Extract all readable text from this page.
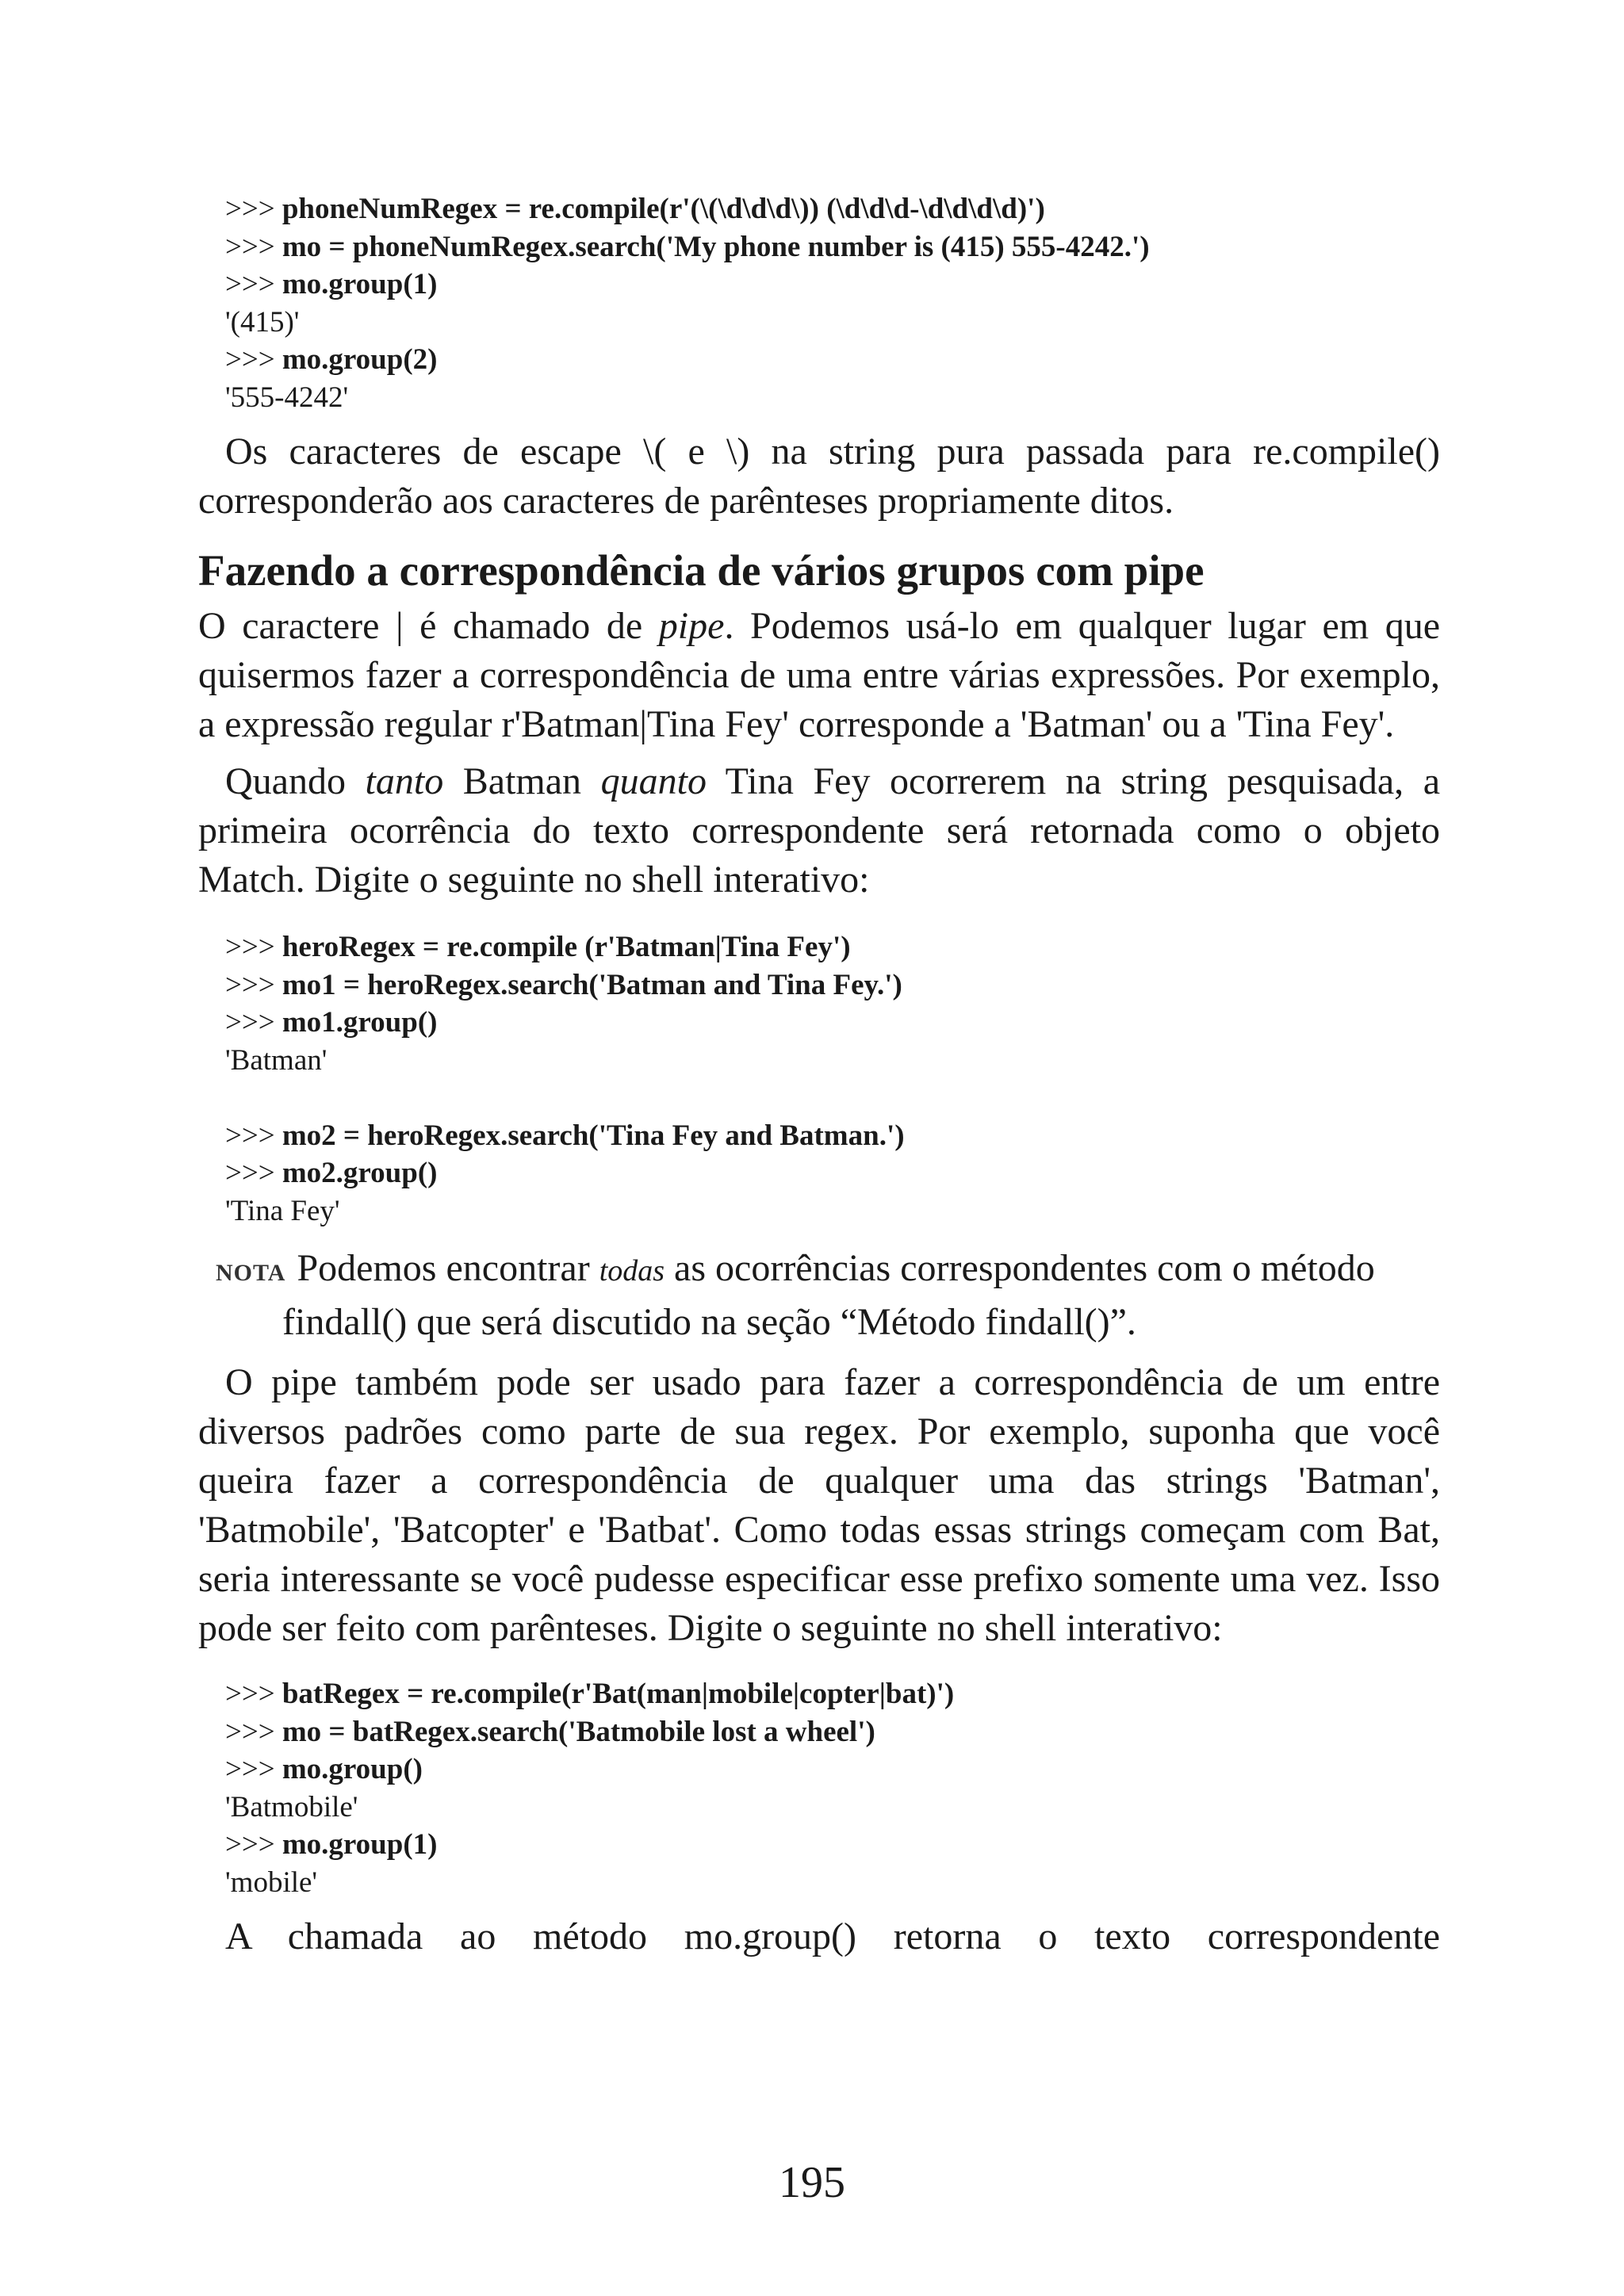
>>> phoneNumRegex = re.compile(r'(\(\d\d\d\)) (\d\d\d-\d\d\d\d)')
>>> mo = phoneNumRegex.search('My phone number is (415) 555-4242.')
>>> mo.group(1)
'(415)'
>>> mo.group(2)
'555-4242'

Os caracteres de escape \( e \) na string pura passada para re.compile() corresponderão aos caracteres de parênteses propriamente ditos.

Fazendo a correspondência de vários grupos com pipe

O caractere | é chamado de pipe. Podemos usá-lo em qualquer lugar em que quisermos fazer a correspondência de uma entre várias expressões. Por exemplo, a expressão regular r'Batman|Tina Fey' corresponde a 'Batman' ou a 'Tina Fey'.

Quando tanto Batman quanto Tina Fey ocorrerem na string pesquisada, a primeira ocorrência do texto correspondente será retornada como o objeto Match. Digite o seguinte no shell interativo:

>>> heroRegex = re.compile (r'Batman|Tina Fey')
>>> mo1 = heroRegex.search('Batman and Tina Fey.')
>>> mo1.group()
'Batman'
>>> mo2 = heroRegex.search('Tina Fey and Batman.')
>>> mo2.group()
'Tina Fey'

NOTA Podemos encontrar todas as ocorrências correspondentes com o método findall() que será discutido na seção “Método findall()”.

O pipe também pode ser usado para fazer a correspondência de um entre diversos padrões como parte de sua regex. Por exemplo, suponha que você queira fazer a correspondência de qualquer uma das strings 'Batman', 'Batmobile', 'Batcopter' e 'Batbat'. Como todas essas strings começam com Bat, seria interessante se você pudesse especificar esse prefixo somente uma vez. Isso pode ser feito com parênteses. Digite o seguinte no shell interativo:

>>> batRegex = re.compile(r'Bat(man|mobile|copter|bat)')
>>> mo = batRegex.search('Batmobile lost a wheel')
>>> mo.group()
'Batmobile'
>>> mo.group(1)
'mobile'

A chamada ao método mo.group() retorna o texto correspondente

195
